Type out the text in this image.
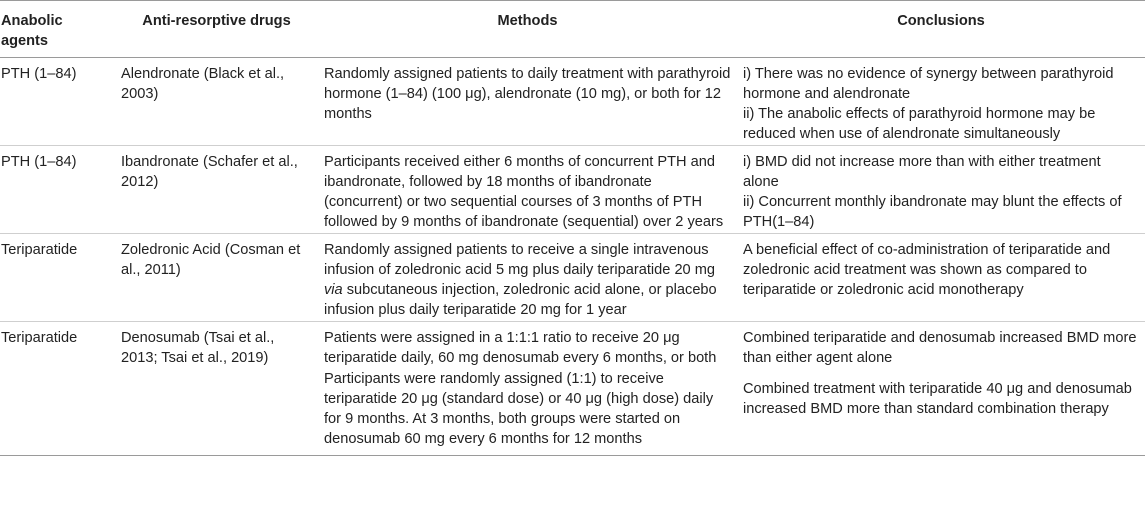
Anabolic agents	Anti-resorptive drugs	Methods	Conclusions
PTH (1–84)	Alendronate (Black et al., 2003)	Randomly assigned patients to daily treatment with parathyroid hormone (1–84) (100 μg), alendronate (10 mg), or both for 12 months	i) There was no evidence of synergy between parathyroid hormone and alendronate
ii) The anabolic effects of parathyroid hormone may be reduced when use of alendronate simultaneously

PTH (1–84)	Ibandronate (Schafer et al., 2012)	Participants received either 6 months of concurrent PTH and ibandronate, followed by 18 months of ibandronate (concurrent) or two sequential courses of 3 months of PTH followed by 9 months of ibandronate (sequential) over 2 years	i) BMD did not increase more than with either treatment alone
ii) Concurrent monthly ibandronate may blunt the effects of PTH(1–84)

Teriparatide	Zoledronic Acid (Cosman et al., 2011)	Randomly assigned patients to receive a single intravenous infusion of zoledronic acid 5 mg plus daily teriparatide 20 mg via subcutaneous injection, zoledronic acid alone, or placebo infusion plus daily teriparatide 20 mg for 1 year	A beneficial effect of co-administration of teriparatide and zoledronic acid treatment was shown as compared to teriparatide or zoledronic acid monotherapy

Teriparatide	Denosumab (Tsai et al., 2013; Tsai et al., 2019)	Patients were assigned in a 1:1:1 ratio to receive 20 μg teriparatide daily, 60 mg denosumab every 6 months, or both	Combined teriparatide and denosumab increased BMD more than either agent alone

		Participants were randomly assigned (1:1) to receive teriparatide 20 μg (standard dose) or 40 μg (high dose) daily for 9 months. At 3 months, both groups were started on denosumab 60 mg every 6 months for 12 months	Combined treatment with teriparatide 40 μg and denosumab increased BMD more than standard combination therapy
